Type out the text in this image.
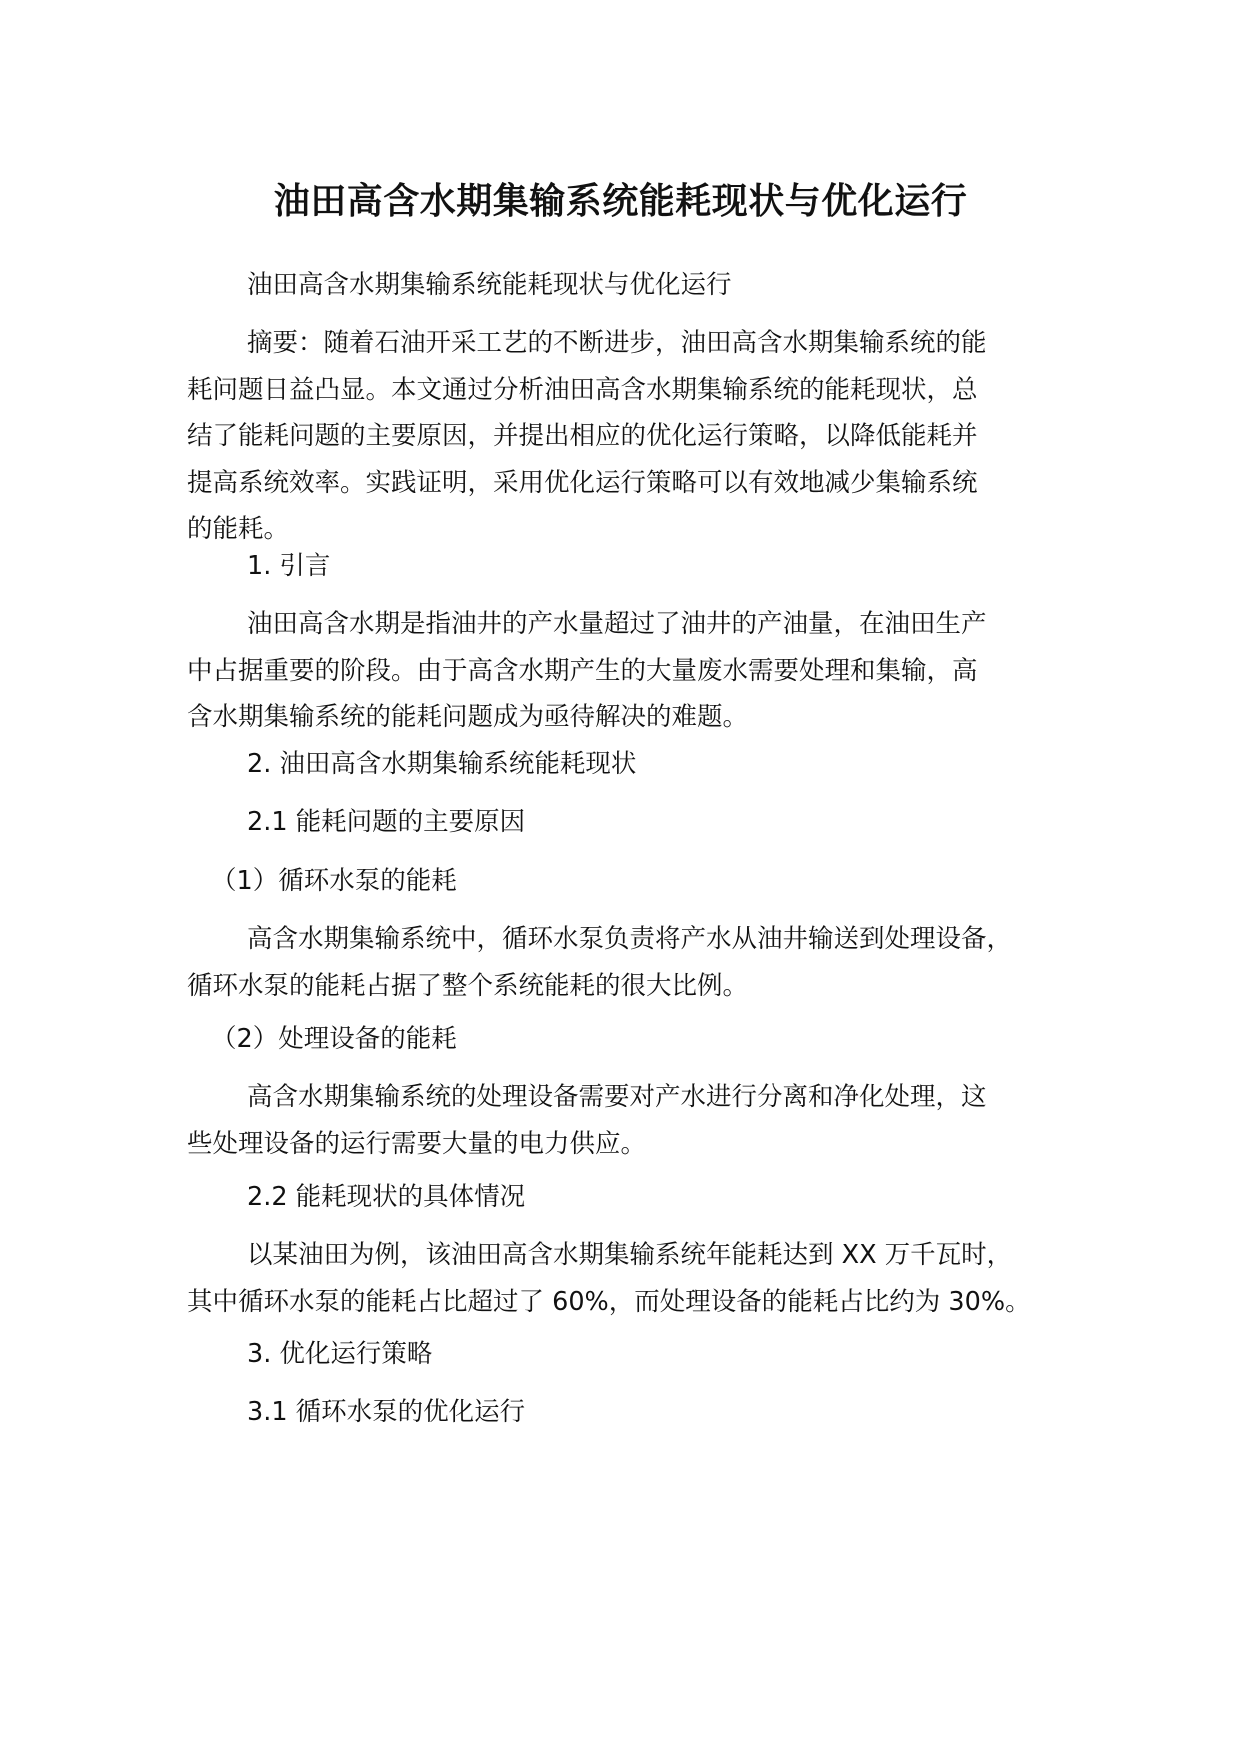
油田高含水期集输系统能耗现状与优化运行

油田高含水期集输系统能耗现状与优化运行

摘要：随着石油开采工艺的不断进步，油田高含水期集输系统的能
耗问题日益凸显。本文通过分析油田高含水期集输系统的能耗现状，总
结了能耗问题的主要原因，并提出相应的优化运行策略，以降低能耗并
提高系统效率。实践证明，采用优化运行策略可以有效地减少集输系统
的能耗。

1. 引言

油田高含水期是指油井的产水量超过了油井的产油量，在油田生产
中占据重要的阶段。由于高含水期产生的大量废水需要处理和集输，高
含水期集输系统的能耗问题成为亟待解决的难题。

2. 油田高含水期集输系统能耗现状

2.1 能耗问题的主要原因

（1）循环水泵的能耗

高含水期集输系统中，循环水泵负责将产水从油井输送到处理设备，
循环水泵的能耗占据了整个系统能耗的很大比例。

（2）处理设备的能耗

高含水期集输系统的处理设备需要对产水进行分离和净化处理，这
些处理设备的运行需要大量的电力供应。

2.2 能耗现状的具体情况

以某油田为例，该油田高含水期集输系统年能耗达到 XX 万千瓦时，
其中循环水泵的能耗占比超过了 60%，而处理设备的能耗占比约为 30%。

3. 优化运行策略

3.1 循环水泵的优化运行
